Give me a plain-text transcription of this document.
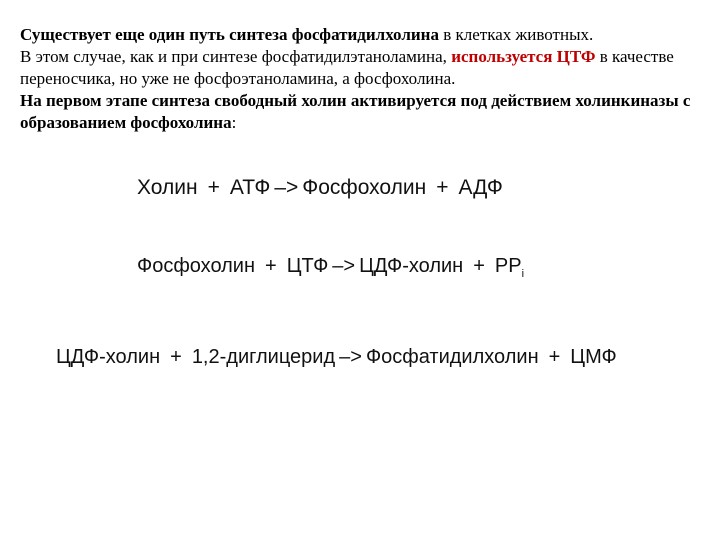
Существует еще один путь синтеза фосфатидилхолина в клетках животных.
В этом случае, как и при синтезе фосфатидилэтаноламина, используется ЦТФ в качестве переносчика, но уже не фосфоэтаноламина, а фосфохолина.
На первом этапе синтеза свободный холин активируется под действием холинкиназы с образованием фосфохолина:

Холин + АТФ –> Фосфохолин + АДФ
Фосфохолин + ЦТФ –> ЦДФ-холин + $РР_i$
ЦДФ-холин + 1,2-диглицерид –> Фосфатидилхолин + ЦМФ
